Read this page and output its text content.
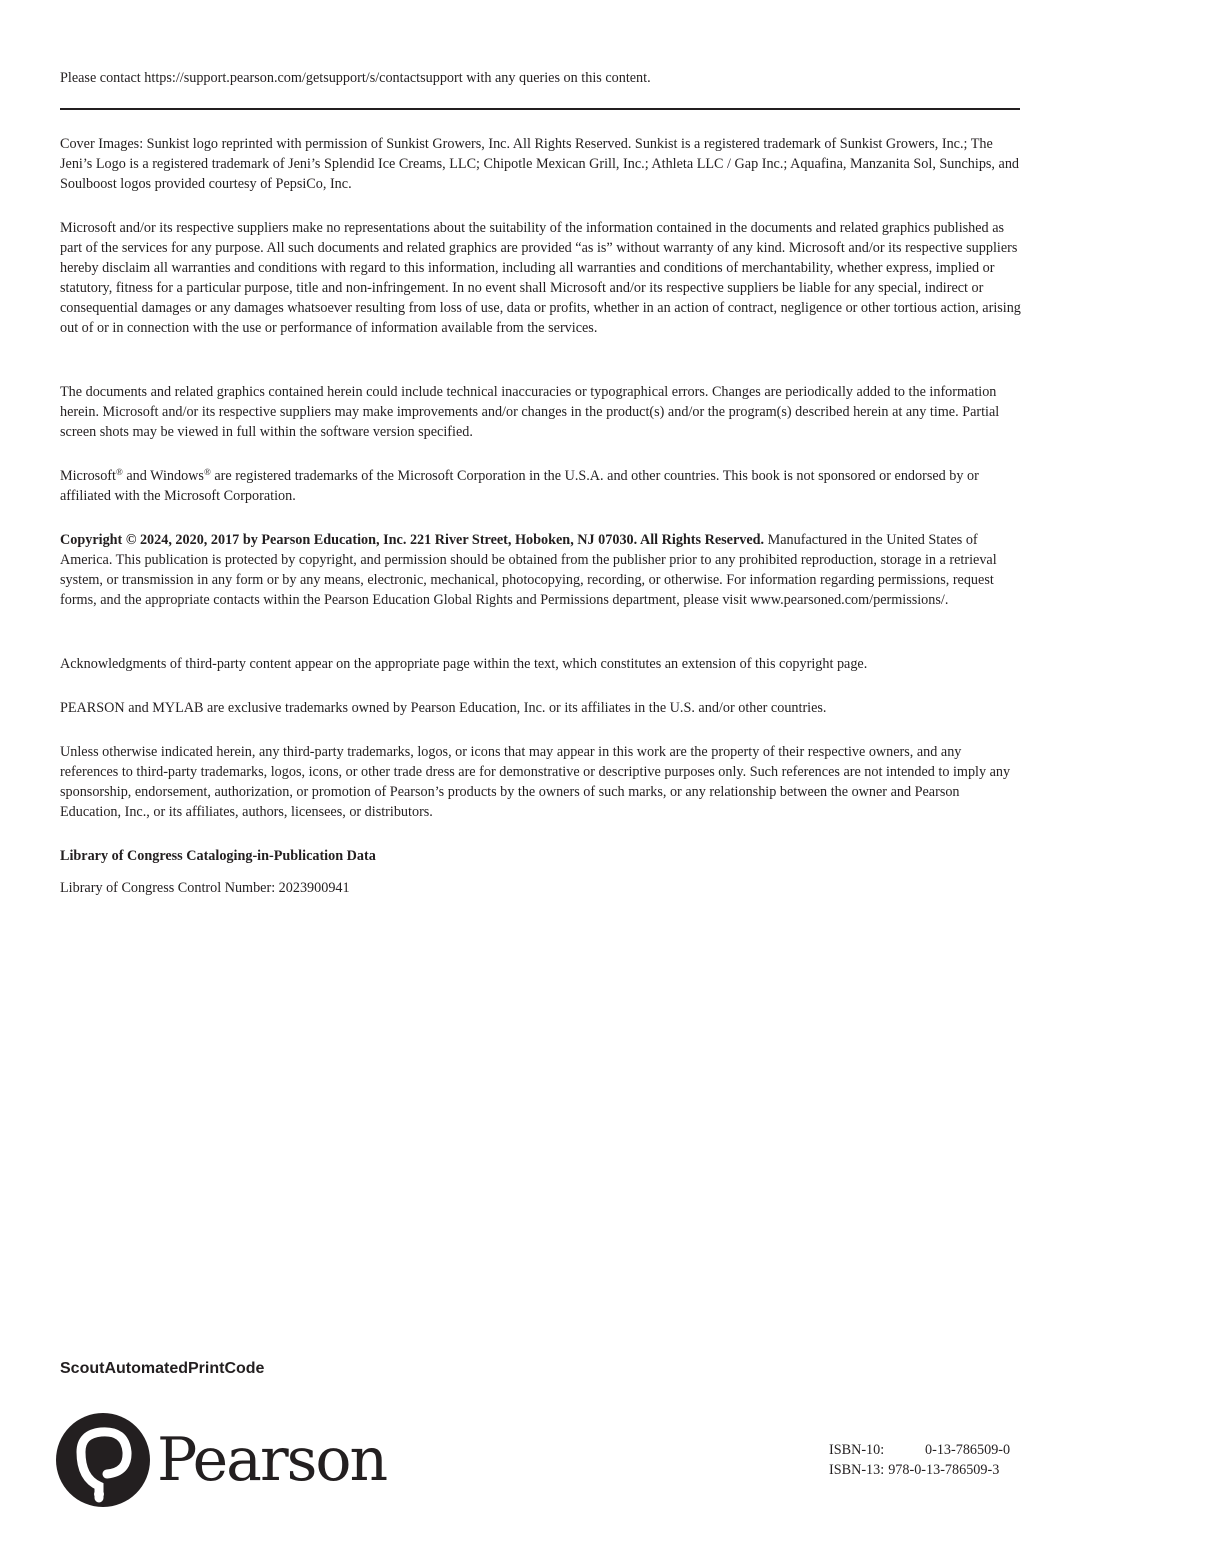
Please contact https://support.pearson.com/getsupport/s/contactsupport with any queries on this content.

Cover Images: Sunkist logo reprinted with permission of Sunkist Growers, Inc. All Rights Reserved. Sunkist is a registered trademark of Sunkist Growers, Inc.; The Jeni’s Logo is a registered trademark of Jeni’s Splendid Ice Creams, LLC; Chipotle Mexican Grill, Inc.; Athleta LLC / Gap Inc.; Aquafina, Manzanita Sol, Sunchips, and Soulboost logos provided courtesy of PepsiCo, Inc.

Microsoft and/or its respective suppliers make no representations about the suitability of the information contained in the documents and related graphics published as part of the services for any purpose. All such documents and related graphics are provided “as is” without warranty of any kind. Microsoft and/or its respective suppliers hereby disclaim all warranties and conditions with regard to this information, including all warranties and conditions of merchantability, whether express, implied or statutory, fitness for a particular purpose, title and non-infringement. In no event shall Microsoft and/or its respective suppliers be liable for any special, indirect or consequential damages or any damages whatsoever resulting from loss of use, data or profits, whether in an action of contract, negligence or other tortious action, arising out of or in connection with the use or performance of information available from the services.

The documents and related graphics contained herein could include technical inaccuracies or typographical errors. Changes are periodically added to the information herein. Microsoft and/or its respective suppliers may make improvements and/or changes in the product(s) and/or the program(s) described herein at any time. Partial screen shots may be viewed in full within the software version specified.

Microsoft® and Windows® are registered trademarks of the Microsoft Corporation in the U.S.A. and other countries. This book is not sponsored or endorsed by or affiliated with the Microsoft Corporation.

Copyright © 2024, 2020, 2017 by Pearson Education, Inc. 221 River Street, Hoboken, NJ 07030. All Rights Reserved. Manufactured in the United States of America. This publication is protected by copyright, and permission should be obtained from the publisher prior to any prohibited reproduction, storage in a retrieval system, or transmission in any form or by any means, electronic, mechanical, photocopying, recording, or otherwise. For information regarding permissions, request forms, and the appropriate contacts within the Pearson Education Global Rights and Permissions department, please visit www.pearsoned.com/permissions/.

Acknowledgments of third-party content appear on the appropriate page within the text, which constitutes an extension of this copyright page.

PEARSON and MYLAB are exclusive trademarks owned by Pearson Education, Inc. or its affiliates in the U.S. and/or other countries.

Unless otherwise indicated herein, any third-party trademarks, logos, or icons that may appear in this work are the property of their respective owners, and any references to third-party trademarks, logos, icons, or other trade dress are for demonstrative or descriptive purposes only. Such references are not intended to imply any sponsorship, endorsement, authorization, or promotion of Pearson’s products by the owners of such marks, or any relationship between the owner and Pearson Education, Inc., or its affiliates, authors, licensees, or distributors.

Library of Congress Cataloging-in-Publication Data

Library of Congress Control Number: 2023900941

ScoutAutomatedPrintCode
Pearson	ISBN-10:	0-13-786509-0
ISBN-13: 978-0-13-786509-3
